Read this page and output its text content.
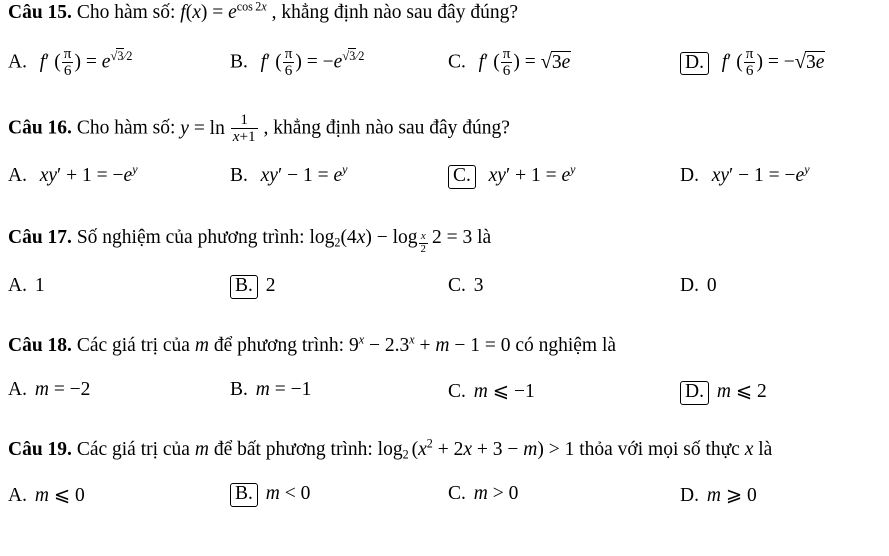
Câu 15. Cho hàm số: $f(x) = e^{cos 2x}$ , khẳng định nào sau đây đúng?
A. f′ ( $\frac{\pi}{6}$ ) = $e^{√3⁄2}$	B. f′ ( $\frac{\pi}{6}$ ) = $-e^{√3⁄2}$	C. f′ ( $\frac{\pi}{6}$ ) = √3e	D. f′ ( $\frac{\pi}{6}$ ) = −√3e
Câu 16. Cho hàm số: $y = \ln \frac{1}{x+1}$ , khẳng định nào sau đây đúng?
A. $xy' + 1 = -e^y$	B. $xy' - 1 = e^y$	C. $xy' + 1 = e^y$	D. $xy' - 1 = -e^y$
Câu 17. Số nghiệm của phương trình: $\log_2(4x) - \log _{\frac{x}{2}}$ 2 = 3 là
A. 1	B. 2	C. 3	D. 0
Câu 18. Các giá trị của m để phương trình: $9^x - 2.3^x + m - 1 = 0$ có nghiệm là
A. m = −2	B. m = −1	C. m ⩽ −1	D. m ⩽ 2
Câu 19. Các giá trị của m để bất phương trình: $\log_2 (x^2 + 2x + 3 - m) > 1$ thỏa với mọi số thực x là
A. m ⩽ 0	B. m < 0	C. m > 0	D. m ⩾ 0
